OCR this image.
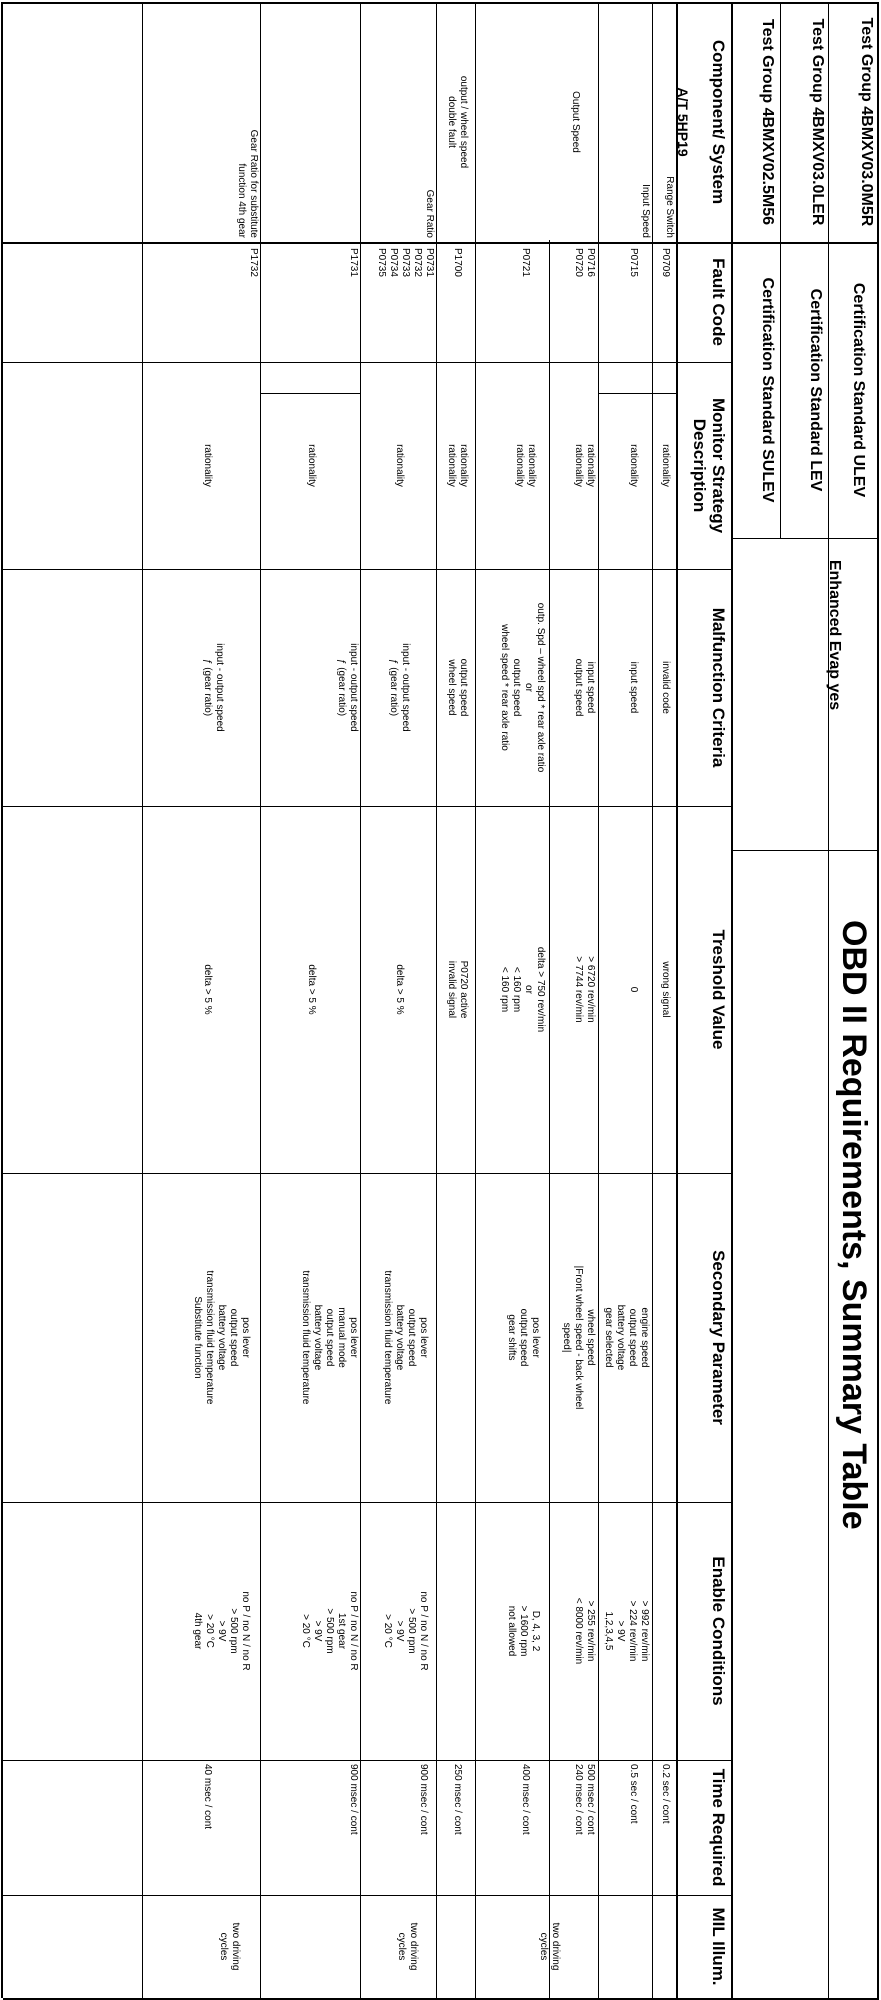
Test Group 4BMXV03.0M5R
Certification Standard ULEV
Test Group 4BMXV03.0LER
Certification Standard LEV
Test Group 4BMXV02.5M56
Certification Standard SULEV
Enhanced Evap yes
OBD II Requirements, Summary Table
Component/ System
Fault Code
Monitor Strategy Description
Malfunction Criteria
Treshold Value
Secondary Parameter
Enable Conditions
Time Required
MIL Illum.
A/T 5HP19
Range Switch
P0709
rationality
invalid code
wrong signal
0.2 sec / cont
Input Speed
P0715
rationality
input speed
0
engine speed
output speed
battery voltage
gear selected
> 992 rev/min
> 224 rev/min
> 9V
1,2,3,4,5
0.5 sec / cont
Output Speed
P0716
P0720
rationality
rationality
input speed
output speed
> 6720 rev/min
> 7744 rev/min
wheel speed
|Front wheel speed - back wheel
speed|
> 255 rev/min
< 8000 rev/min
500 msec / cont
240 msec / cont
P0721
rationality
rationality
outp. Spd – wheel spd * rear axle ratio
or
output speed
wheel speed * rear axle ratio
delta > 750 rev/min
or
< 160 rpm
< 160 rpm
pos lever
output speed
gear shifts
D, 4, 3, 2
> 1600 rpm
not allowed
400 msec / cont
output / wheel speed
double fault
P1700
rationality
rationality
output speed
wheel speed
P0720 active
invalid signal
250 msec / cont
Gear Ratio
P0731
P0732
P0733
P0734
P0735
rationality
input - output speed
ƒ (gear ratio)
delta > 5 %
pos lever
output speed
battery voltage
transmission fluid temperature
no P / no N / no R
> 500 rpm
> 9V
> 20 °C
900 msec / cont
P1731
rationality
input - output speed
ƒ (gear ratio)
delta > 5 %
pos lever
manual mode
output speed
battery voltage
transmission fluid temperature
no P / no N / no R
1st gear
> 500 rpm
> 9V
> 20 °C
900 msec / cont
Gear Ratio for substitute
function 4th gear
P1732
rationality
input - output speed
ƒ (gear ratio)
delta > 5 %
pos lever
output speed
battery voltage
transmission fluid temperature
Substitute function
no P / no N / no R
> 500 rpm
> 9V
> 20 °C
4th gear
40 msec / cont
two driving cycles
two driving cycles
two driving cycles
